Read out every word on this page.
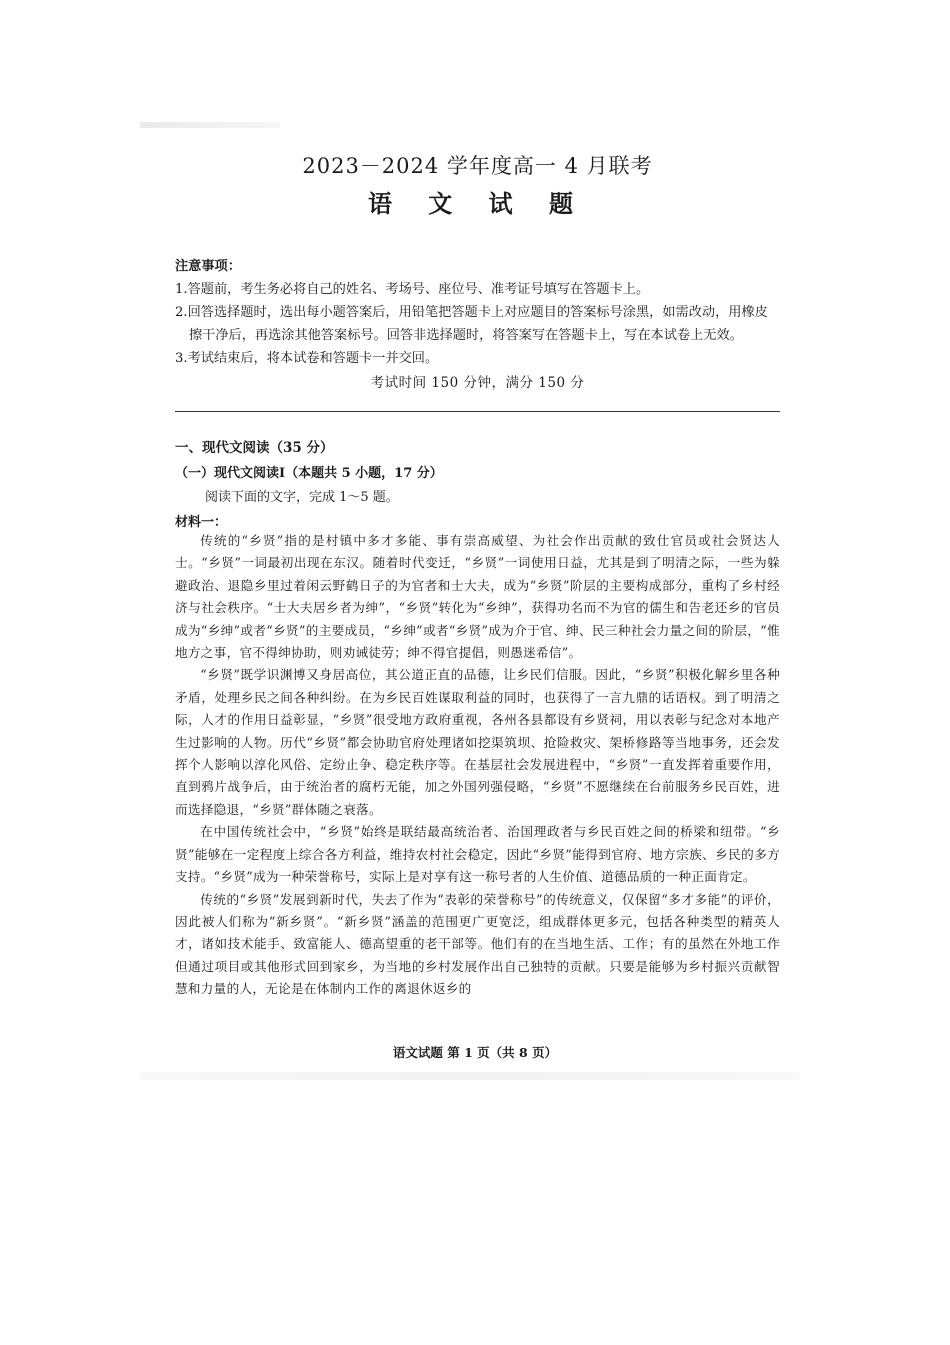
2023－2024 学年度高一 4 月联考
语 文 试 题
注意事项：
1.答题前，考生务必将自己的姓名、考场号、座位号、准考证号填写在答题卡上。
2.回答选择题时，选出每小题答案后，用铅笔把答题卡上对应题目的答案标号涂黑，如需改动，用橡皮擦干净后，再选涂其他答案标号。回答非选择题时，将答案写在答题卡上，写在本试卷上无效。
3.考试结束后，将本试卷和答题卡一并交回。
考试时间 150 分钟，满分 150 分
一、现代文阅读（35 分）
（一）现代文阅读Ⅰ（本题共 5 小题，17 分）
阅读下面的文字，完成 1～5 题。
材料一：

传统的“乡贤”指的是村镇中多才多能、事有崇高威望、为社会作出贡献的致仕官员或社会贤达人士。“乡贤”一词最初出现在东汉。随着时代变迁，“乡贤”一词使用日益，尤其是到了明清之际，一些为躲避政治、退隐乡里过着闲云野鹤日子的为官者和士大夫，成为“乡贤”阶层的主要构成部分，重构了乡村经济与社会秩序。“士大夫居乡者为绅”，“乡贤”转化为“乡绅”，获得功名而不为官的儒生和告老还乡的官员成为“乡绅”或者“乡贤”的主要成员，“乡绅”或者“乡贤”成为介于官、绅、民三种社会力量之间的阶层，“惟地方之事，官不得绅协助，则劝诫徒劳；绅不得官提倡，则愚迷希信”。

“乡贤”既学识渊博又身居高位，其公道正直的品德，让乡民们信服。因此，“乡贤”积极化解乡里各种矛盾，处理乡民之间各种纠纷。在为乡民百姓谋取利益的同时，也获得了一言九鼎的话语权。到了明清之际，人才的作用日益彰显，“乡贤”很受地方政府重视，各州各县都设有乡贤祠，用以表彰与纪念对本地产生过影响的人物。历代“乡贤”都会协助官府处理诸如挖渠筑坝、抢险救灾、架桥修路等当地事务，还会发挥个人影响以淳化风俗、定纷止争、稳定秩序等。在基层社会发展进程中，“乡贤”一直发挥着重要作用，直到鸦片战争后，由于统治者的腐朽无能，加之外国列强侵略，“乡贤”不愿继续在台前服务乡民百姓，进而选择隐退，“乡贤”群体随之衰落。

在中国传统社会中，“乡贤”始终是联结最高统治者、治国理政者与乡民百姓之间的桥梁和纽带。“乡贤”能够在一定程度上综合各方利益，维持农村社会稳定，因此“乡贤”能得到官府、地方宗族、乡民的多方支持。“乡贤”成为一种荣誉称号，实际上是对享有这一称号者的人生价值、道德品质的一种正面肯定。

传统的“乡贤”发展到新时代，失去了作为“表彰的荣誉称号”的传统意义，仅保留“多才多能”的评价，因此被人们称为“新乡贤”。“新乡贤”涵盖的范围更广更宽泛，组成群体更多元，包括各种类型的精英人才，诸如技术能手、致富能人、德高望重的老干部等。他们有的在当地生活、工作；有的虽然在外地工作但通过项目或其他形式回到家乡，为当地的乡村发展作出自己独特的贡献。只要是能够为乡村振兴贡献智慧和力量的人，无论是在体制内工作的离退休返乡的

语文试题 第 1 页（共 8 页）
